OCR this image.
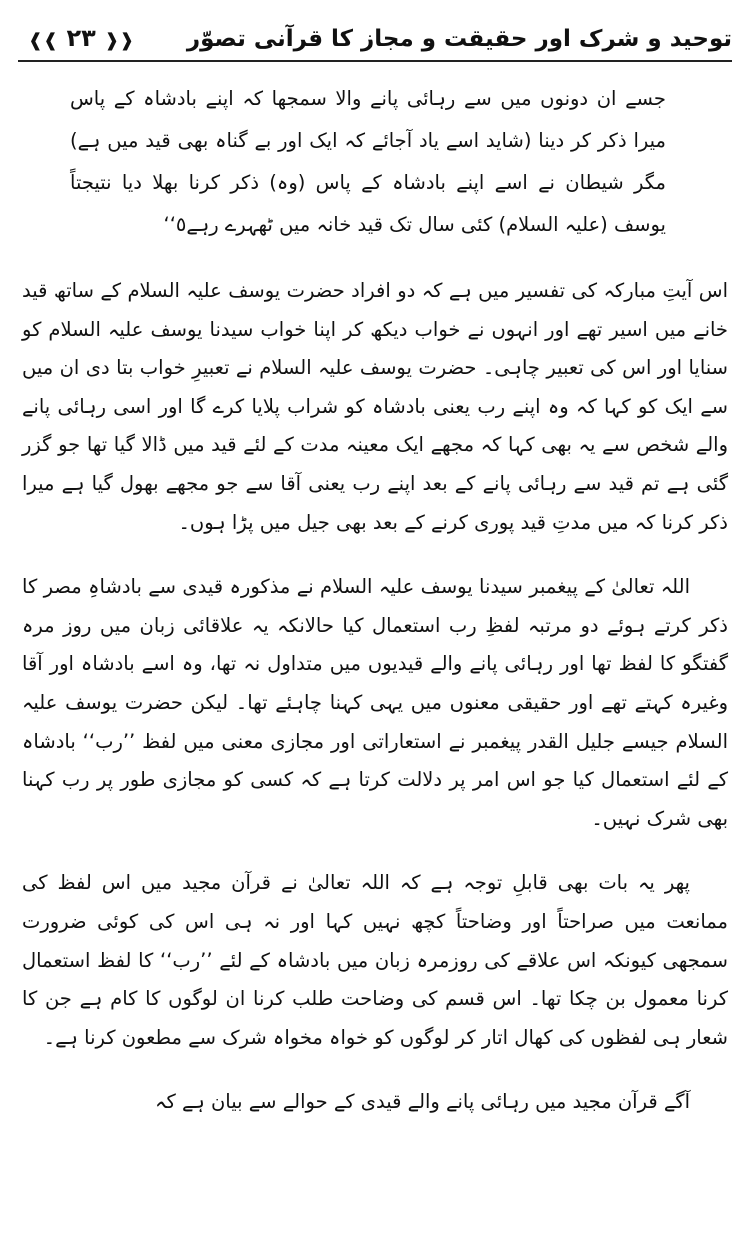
توحید و شرک اور حقیقت و مجاز کا قرآنی تصوّر
❰❰ ۲۳ ❱❱

جسے ان دونوں میں سے رہائی پانے والا سمجھا کہ اپنے بادشاہ کے پاس میرا ذکر کر دینا (شاید اسے یاد آجائے کہ ایک اور بے گناہ بھی قید میں ہے) مگر شیطان نے اسے اپنے بادشاہ کے پاس (وہ) ذکر کرنا بھلا دیا نتیجتاً یوسف (علیہ السلام) کئی سال تک قید خانہ میں ٹھہرے رہے٥‘‘

اس آیتِ مبارکہ کی تفسیر میں ہے کہ دو افراد حضرت یوسف علیہ السلام کے ساتھ قید خانے میں اسیر تھے اور انہوں نے خواب دیکھ کر اپنا خواب سیدنا یوسف علیہ السلام کو سنایا اور اس کی تعبیر چاہی۔ حضرت یوسف علیہ السلام نے تعبیرِ خواب بتا دی ان میں سے ایک کو کہا کہ وہ اپنے رب یعنی بادشاہ کو شراب پلایا کرے گا اور اسی رہائی پانے والے شخص سے یہ بھی کہا کہ مجھے ایک معینہ مدت کے لئے قید میں ڈالا گیا تھا جو گزر گئی ہے تم قید سے رہائی پانے کے بعد اپنے رب یعنی آقا سے جو مجھے بھول گیا ہے میرا ذکر کرنا کہ میں مدتِ قید پوری کرنے کے بعد بھی جیل میں پڑا ہوں۔

اللہ تعالیٰ کے پیغمبر سیدنا یوسف علیہ السلام نے مذکورہ قیدی سے بادشاہِ مصر کا ذکر کرتے ہوئے دو مرتبہ لفظِ رب استعمال کیا حالانکہ یہ علاقائی زبان میں روز مرہ گفتگو کا لفظ تھا اور رہائی پانے والے قیدیوں میں متداول نہ تھا، وہ اسے بادشاہ اور آقا وغیرہ کہتے تھے اور حقیقی معنوں میں یہی کہنا چاہئے تھا۔ لیکن حضرت یوسف علیہ السلام جیسے جلیل القدر پیغمبر نے استعاراتی اور مجازی معنی میں لفظ ’’رب‘‘ بادشاہ کے لئے استعمال کیا جو اس امر پر دلالت کرتا ہے کہ کسی کو مجازی طور پر رب کہنا بھی شرک نہیں۔

پھر یہ بات بھی قابلِ توجہ ہے کہ اللہ تعالیٰ نے قرآن مجید میں اس لفظ کی ممانعت میں صراحتاً اور وضاحتاً کچھ نہیں کہا اور نہ ہی اس کی کوئی ضرورت سمجھی کیونکہ اس علاقے کی روزمرہ زبان میں بادشاہ کے لئے ’’رب‘‘ کا لفظ استعمال کرنا معمول بن چکا تھا۔ اس قسم کی وضاحت طلب کرنا ان لوگوں کا کام ہے جن کا شعار ہی لفظوں کی کھال اتار کر لوگوں کو خواہ مخواہ شرک سے مطعون کرنا ہے۔

آگے قرآن مجید میں رہائی پانے والے قیدی کے حوالے سے بیان ہے کہ
